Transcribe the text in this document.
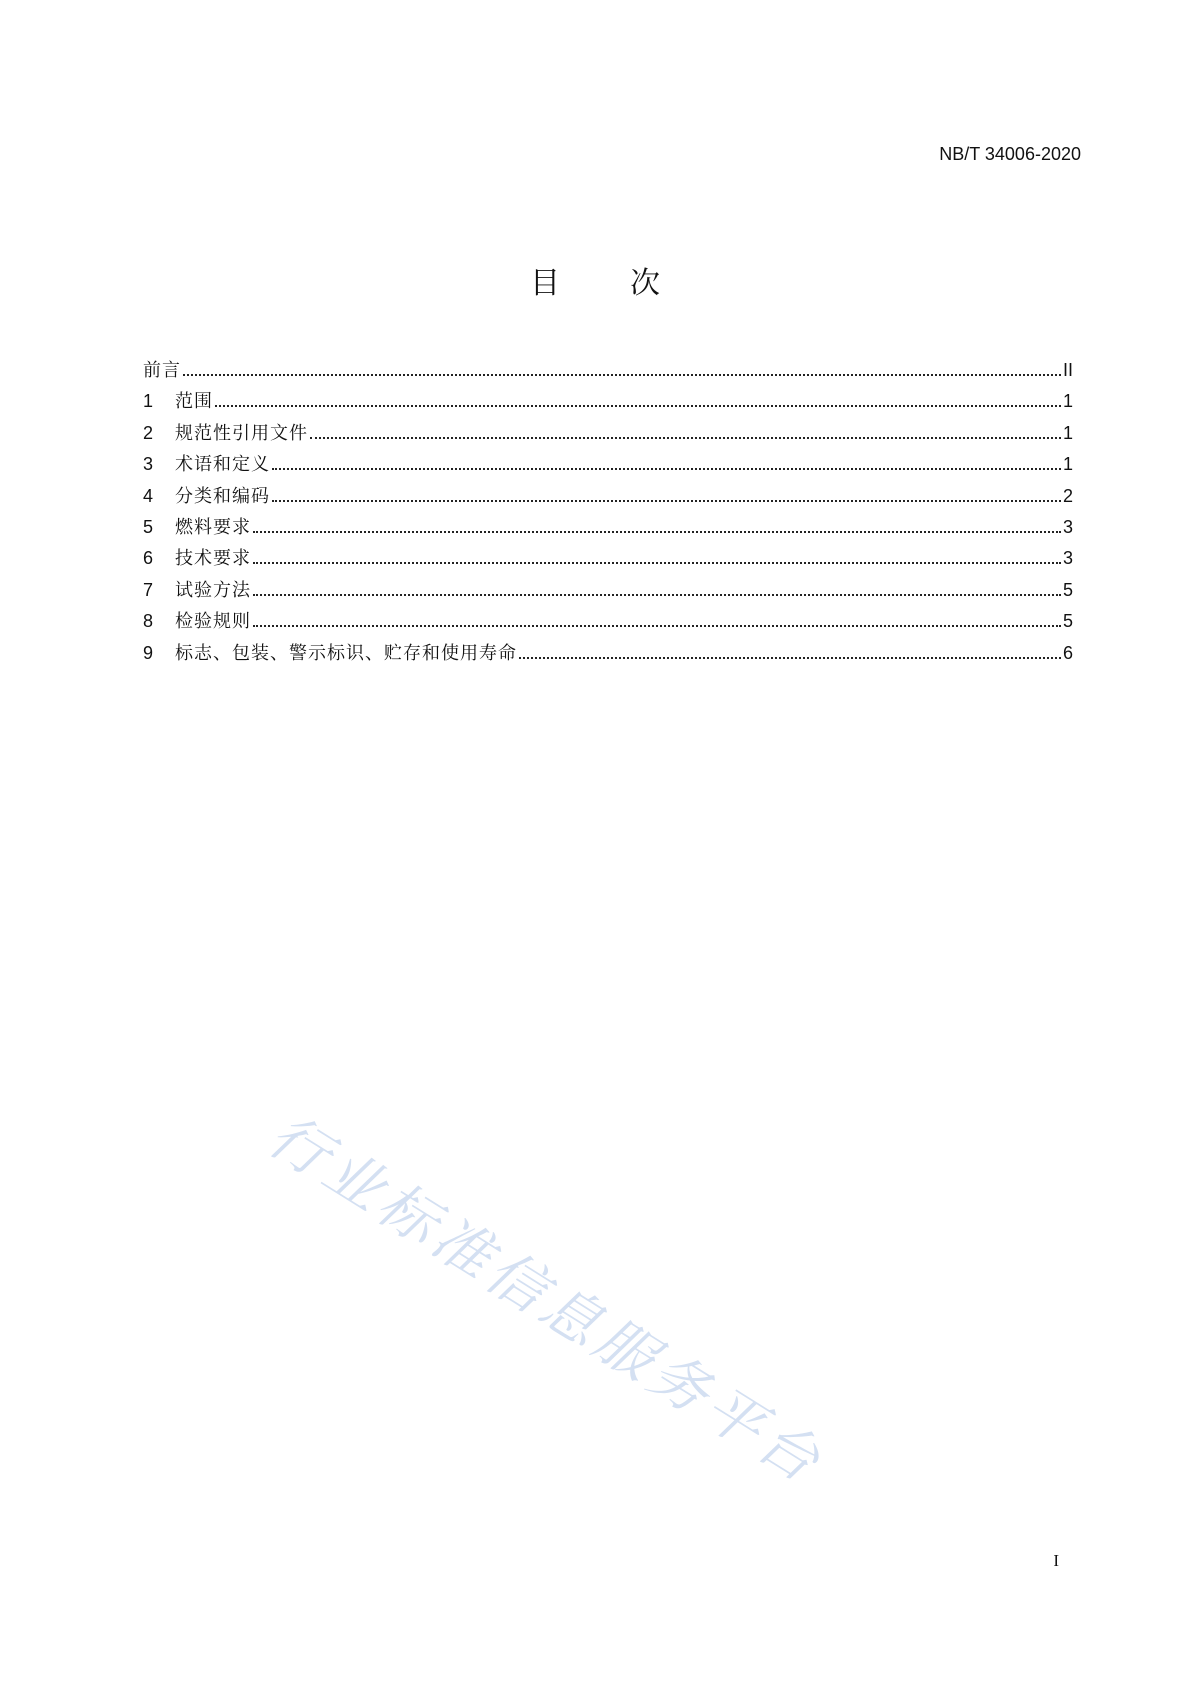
NB/T 34006-2020
目 次
前言	II
1	范围	1
2	规范性引用文件	1
3	术语和定义	1
4	分类和编码	2
5	燃料要求	3
6	技术要求	3
7	试验方法	5
8	检验规则	5
9	标志、包装、警示标识、贮存和使用寿命	6
行业标准信息服务平台
I
